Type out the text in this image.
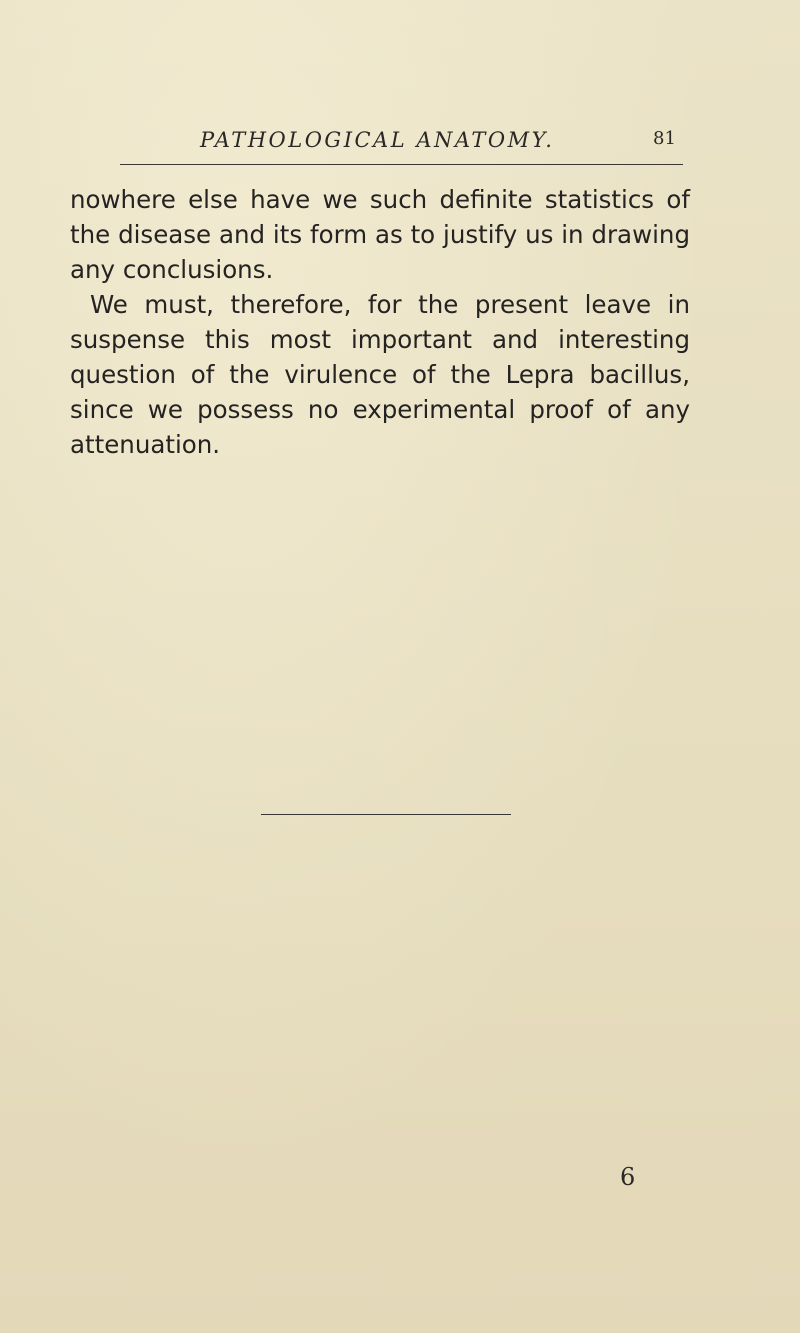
PATHOLOGICAL ANATOMY.	81
nowhere else have we such definite statistics of
the disease and its form as to justify us in drawing
any conclusions.
We must, therefore, for the present leave in
suspense this most important and interesting
question of the virulence of the Lepra bacillus,
since we possess no experimental proof of any
attenuation.
6
